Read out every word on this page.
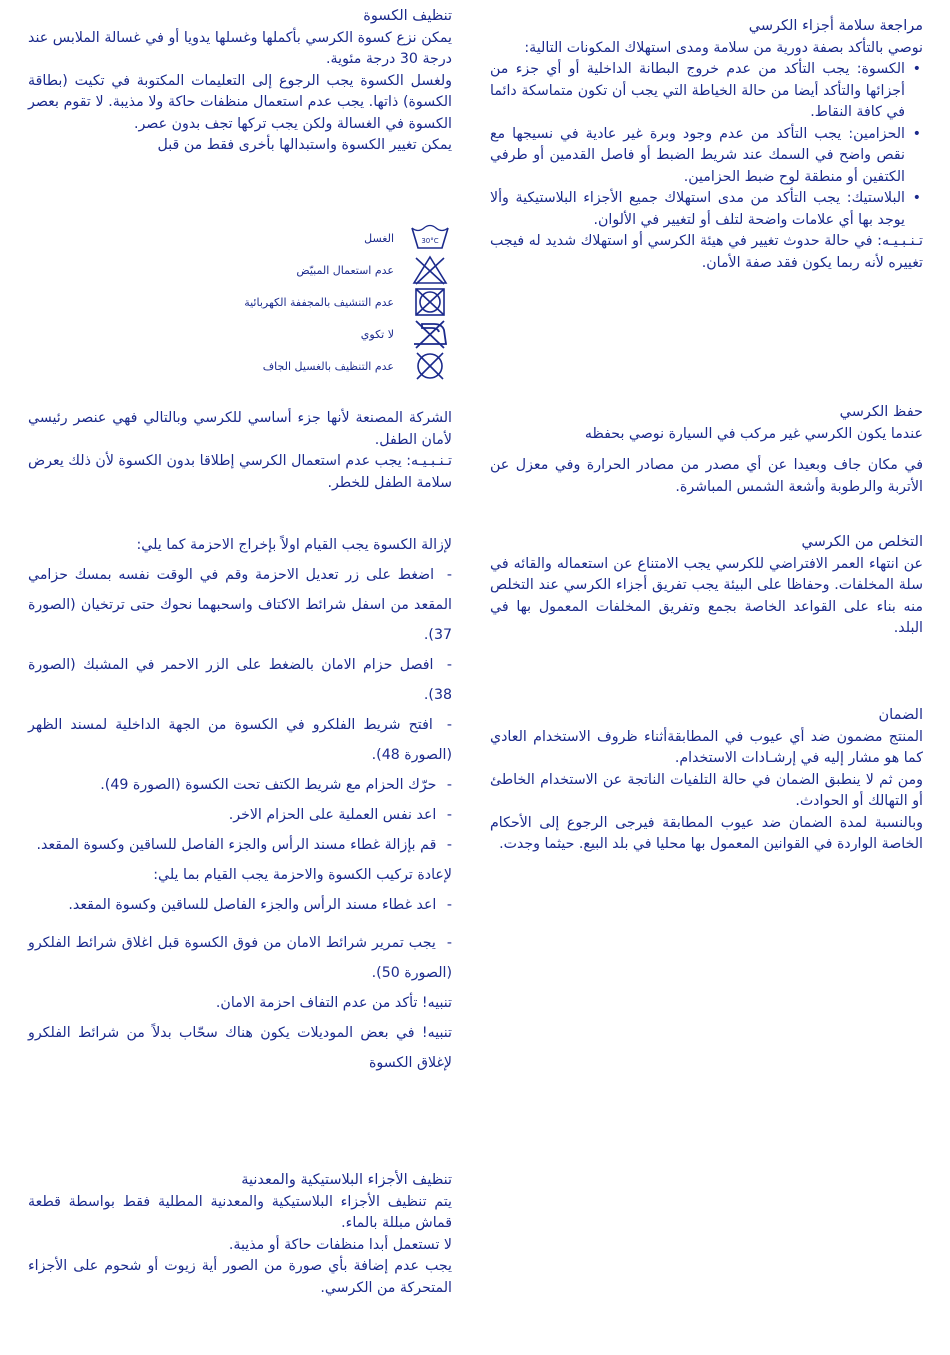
تنظيف الكسوة

يمكن نزع كسوة الكرسي بأكملها وغسلها يدويا أو في غسالة الملابس عند درجة 30 درجة مئوية.

ولغسل الكسوة يجب الرجوع إلى التعليمات المكتوبة في تكيت (بطاقة الكسوة) ذاتها. يجب عدم استعمال منظفات حاكة ولا مذيبة. لا تقوم بعصر الكسوة في الغسالة ولكن يجب تركها تجف بدون عصر.

يمكن تغيير الكسوة واستبدالها بأخرى فقط من قبل

30°C
الغسل
عدم استعمال المبيّض
عدم التنشيف بالمجففة الكهربائية
لا تكوي
عدم التنظيف بالغسيل الجاف

الشركة المصنعة لأنها جزء أساسي للكرسي وبالتالي فهي عنصر رئيسي لأمان الطفل.

تـنـبـيـه: يجب عدم استعمال الكرسي إطلاقا بدون الكسوة لأن ذلك يعرض سلامة الطفل للخطر.

لإزالة الكسوة يجب القيام اولاً بإخراج الاحزمة كما يلي:

- اضغط على زر تعديل الاحزمة وقم في الوقت نفسه بمسك حزامي المقعد من اسفل شرائط الاكتاف واسحبهما نحوك حتى ترتخيان (الصورة 37).

- افصل حزام الامان بالضغط على الزر الاحمر في المشبك (الصورة 38).

- افتح شريط الفلكرو في الكسوة من الجهة الداخلية لمسند الظهر (الصورة 48).

- حرّك الحزام مع شريط الكتف تحت الكسوة (الصورة 49).

- اعد نفس العملية على الحزام الاخر.

- قم بإزالة غطاء مسند الرأس والجزء الفاصل للساقين وكسوة المقعد.

لإعادة تركيب الكسوة والاحزمة يجب القيام بما يلي:

- اعد غطاء مسند الرأس والجزء الفاصل للساقين وكسوة المقعد.

- يجب تمرير شرائط الامان من فوق الكسوة قبل اغلاق شرائط الفلكرو (الصورة 50).

تنبيه! تأكد من عدم التفاف احزمة الامان.

تنبيه! في بعض الموديلات يكون هناك سحّاب بدلاً من شرائط الفلكرو لإغلاق الكسوة

تنظيف الأجزاء البلاستيكية والمعدنية

يتم تنظيف الأجزاء البلاستيكية والمعدنية المطلية فقط بواسطة قطعة قماش مبللة بالماء.

لا تستعمل أبدا منظفات حاكة أو مذيبة.

يجب عدم إضافة بأي صورة من الصور أية زيوت أو شحوم على الأجزاء المتحركة من الكرسي.

مراجعة سلامة أجزاء الكرسي

نوصي بالتأكد بصفة دورية من سلامة ومدى استهلاك المكونات التالية:

• الكسوة: يجب التأكد من عدم خروج البطانة الداخلية أو أي جزء من أجزائها والتأكد أيضا من حالة الخياطة التي يجب أن تكون متماسكة دائما في كافة النقاط.
• الحزامين: يجب التأكد من عدم وجود وبرة غير عادية في نسيجها مع نقص واضح في السمك عند شريط الضبط أو فاصل القدمين أو طرفي الكتفين أو منطقة لوح ضبط الحزامين.
• البلاستيك: يجب التأكد من مدى استهلاك جميع الأجزاء البلاستيكية وألا يوجد بها أي علامات واضحة لتلف أو لتغيير في الألوان.

تـنـبـيـه: في حالة حدوث تغيير في هيئة الكرسي أو استهلاك شديد له فيجب تغييره لأنه ربما يكون فقد صفة الأمان.

حفظ الكرسي

عندما يكون الكرسي غير مركب في السيارة نوصي بحفظه

في مكان جاف وبعيدا عن أي مصدر من مصادر الحرارة وفي معزل عن الأتربة والرطوبة وأشعة الشمس المباشرة.

التخلص من الكرسي

عن انتهاء العمر الافتراضي للكرسي يجب الامتناع عن استعماله والقائه في سلة المخلفات. وحفاظا على البيئة يجب تفريق أجزاء الكرسي عند التخلص منه بناء على القواعد الخاصة بجمع وتفريق المخلفات المعمول بها في البلد.

الضمان

المنتج مضمون ضد أي عيوب في المطابقةأثناء ظروف الاستخدام العادي كما هو مشار إليه في إرشـادات الاستخدام.

ومن ثم لا ينطبق الضمان في حالة التلفيات الناتجة عن الاستخدام الخاطئ أو التهالك أو الحوادث.

وبالنسبة لمدة الضمان ضد عيوب المطابقة فيرجى الرجوع إلى الأحكام الخاصة الواردة في القوانين المعمول بها محليا في بلد البيع. حيثما وجدت.
